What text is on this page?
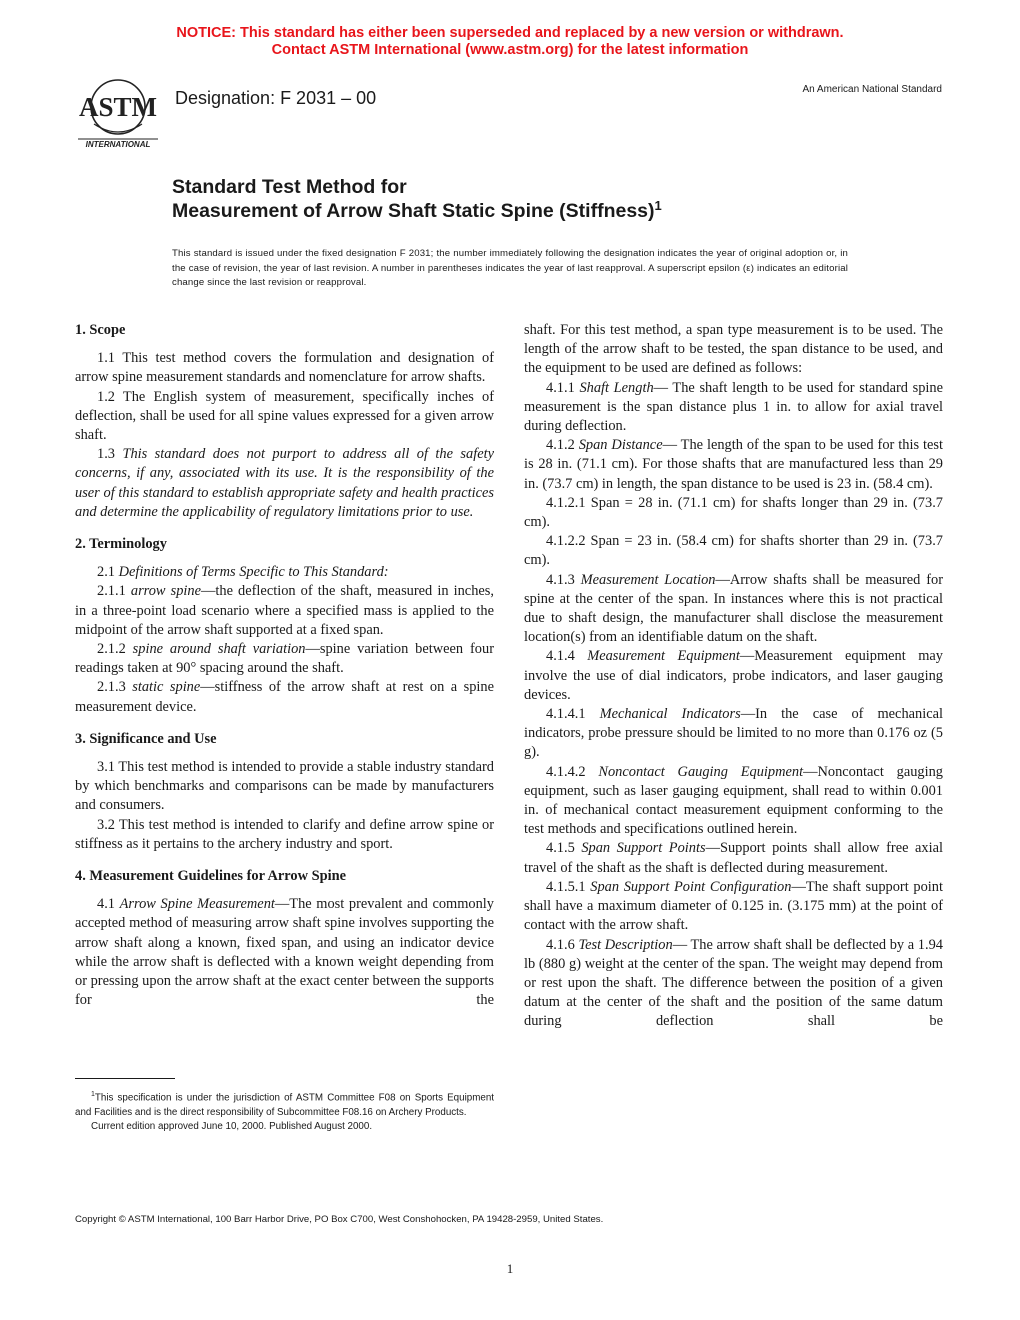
NOTICE: This standard has either been superseded and replaced by a new version or withdrawn.
Contact ASTM International (www.astm.org) for the latest information
ASTM
INTERNATIONAL
Designation: F 2031 – 00	An American National Standard
Standard Test Method for
Measurement of Arrow Shaft Static Spine (Stiffness)$^1$
This standard is issued under the fixed designation F 2031; the number immediately following the designation indicates the year of original adoption or, in the case of revision, the year of last revision. A number in parentheses indicates the year of last reapproval. A superscript epsilon (ε) indicates an editorial change since the last revision or reapproval.

1. Scope

1.1 This test method covers the formulation and designation of arrow spine measurement standards and nomenclature for arrow shafts.

1.2 The English system of measurement, specifically inches of deflection, shall be used for all spine values expressed for a given arrow shaft.

1.3 This standard does not purport to address all of the safety concerns, if any, associated with its use. It is the responsibility of the user of this standard to establish appropriate safety and health practices and determine the applicability of regulatory limitations prior to use.

2. Terminology

2.1 Definitions of Terms Specific to This Standard:

2.1.1 arrow spine—the deflection of the shaft, measured in inches, in a three-point load scenario where a specified mass is applied to the midpoint of the arrow shaft supported at a fixed span.

2.1.2 spine around shaft variation—spine variation between four readings taken at 90° spacing around the shaft.

2.1.3 static spine—stiffness of the arrow shaft at rest on a spine measurement device.

3. Significance and Use

3.1 This test method is intended to provide a stable industry standard by which benchmarks and comparisons can be made by manufacturers and consumers.

3.2 This test method is intended to clarify and define arrow spine or stiffness as it pertains to the archery industry and sport.

4. Measurement Guidelines for Arrow Spine

4.1 Arrow Spine Measurement—The most prevalent and commonly accepted method of measuring arrow shaft spine involves supporting the arrow shaft along a known, fixed span, and using an indicator device while the arrow shaft is deflected with a known weight depending from or pressing upon the arrow shaft at the exact center between the supports for the

shaft. For this test method, a span type measurement is to be used. The length of the arrow shaft to be tested, the span distance to be used, and the equipment to be used are defined as follows:

4.1.1 Shaft Length— The shaft length to be used for standard spine measurement is the span distance plus 1 in. to allow for axial travel during deflection.

4.1.2 Span Distance— The length of the span to be used for this test is 28 in. (71.1 cm). For those shafts that are manufactured less than 29 in. (73.7 cm) in length, the span distance to be used is 23 in. (58.4 cm).

4.1.2.1 Span = 28 in. (71.1 cm) for shafts longer than 29 in. (73.7 cm).

4.1.2.2 Span = 23 in. (58.4 cm) for shafts shorter than 29 in. (73.7 cm).

4.1.3 Measurement Location—Arrow shafts shall be measured for spine at the center of the span. In instances where this is not practical due to shaft design, the manufacturer shall disclose the measurement location(s) from an identifiable datum on the shaft.

4.1.4 Measurement Equipment—Measurement equipment may involve the use of dial indicators, probe indicators, and laser gauging devices.

4.1.4.1 Mechanical Indicators—In the case of mechanical indicators, probe pressure should be limited to no more than 0.176 oz (5 g).

4.1.4.2 Noncontact Gauging Equipment—Noncontact gauging equipment, such as laser gauging equipment, shall read to within 0.001 in. of mechanical contact measurement equipment conforming to the test methods and specifications outlined herein.

4.1.5 Span Support Points—Support points shall allow free axial travel of the shaft as the shaft is deflected during measurement.

4.1.5.1 Span Support Point Configuration—The shaft support point shall have a maximum diameter of 0.125 in. (3.175 mm) at the point of contact with the arrow shaft.

4.1.6 Test Description— The arrow shaft shall be deflected by a 1.94 lb (880 g) weight at the center of the span. The weight may depend from or rest upon the shaft. The difference between the position of a given datum at the center of the shaft and the position of the same datum during deflection shall be

$^1$This specification is under the jurisdiction of ASTM Committee F08 on Sports Equipment and Facilities and is the direct responsibility of Subcommittee F08.16 on Archery Products.

Current edition approved June 10, 2000. Published August 2000.

Copyright © ASTM International, 100 Barr Harbor Drive, PO Box C700, West Conshohocken, PA 19428-2959, United States.
1
